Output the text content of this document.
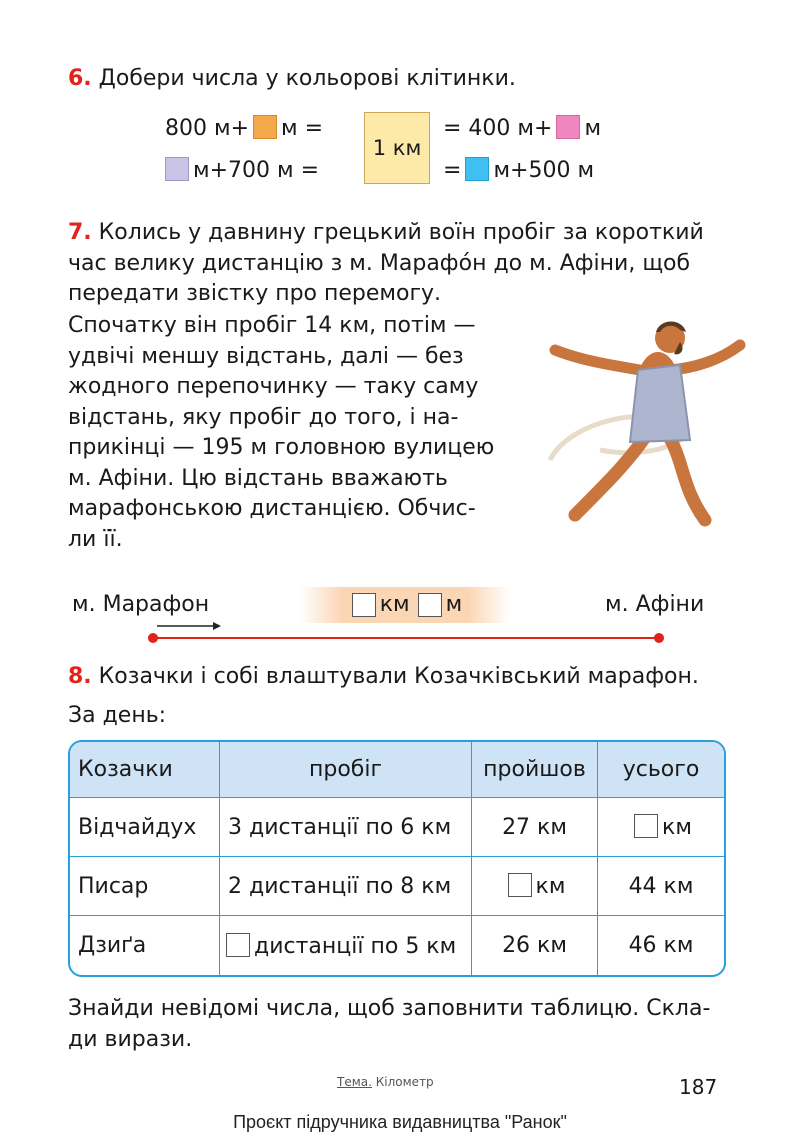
6. Добери числа у кольорові клітинки.
800 м+ м =
м+700 м =
1 км
= 400 м+ м
= м+500 м
7. Колись у давнину грецький воїн пробіг за короткий
час велику дистанцію з м. Марафо́н до м. Афіни, щоб
передати звістку про перемогу.
Спочатку він пробіг 14 км, потім —
удвічі меншу відстань, далі — без
жодного перепочинку — таку саму
відстань, яку пробіг до того, і на-
прикінці — 195 м головною вулицею
м. Афіни. Цю відстань вважають
марафонською дистанцією. Обчис-
ли її.
м. Марафон	м. Афіни
км м
8. Козачки і собі влаштували Козачківський марафон.
За день:
Козачки	пробіг	пройшов	усього
Відчайдух	3 дистанції по 6 км	27 км	км
Писар	2 дистанції по 8 км	км	44 км
Дзиґа	дистанції по 5 км	26 км	46 км
Знайди невідомі числа, щоб заповнити таблицю. Скла-
ди вирази.
Тема. Кілометр	187
Проєкт підручника видавництва "Ранок"
